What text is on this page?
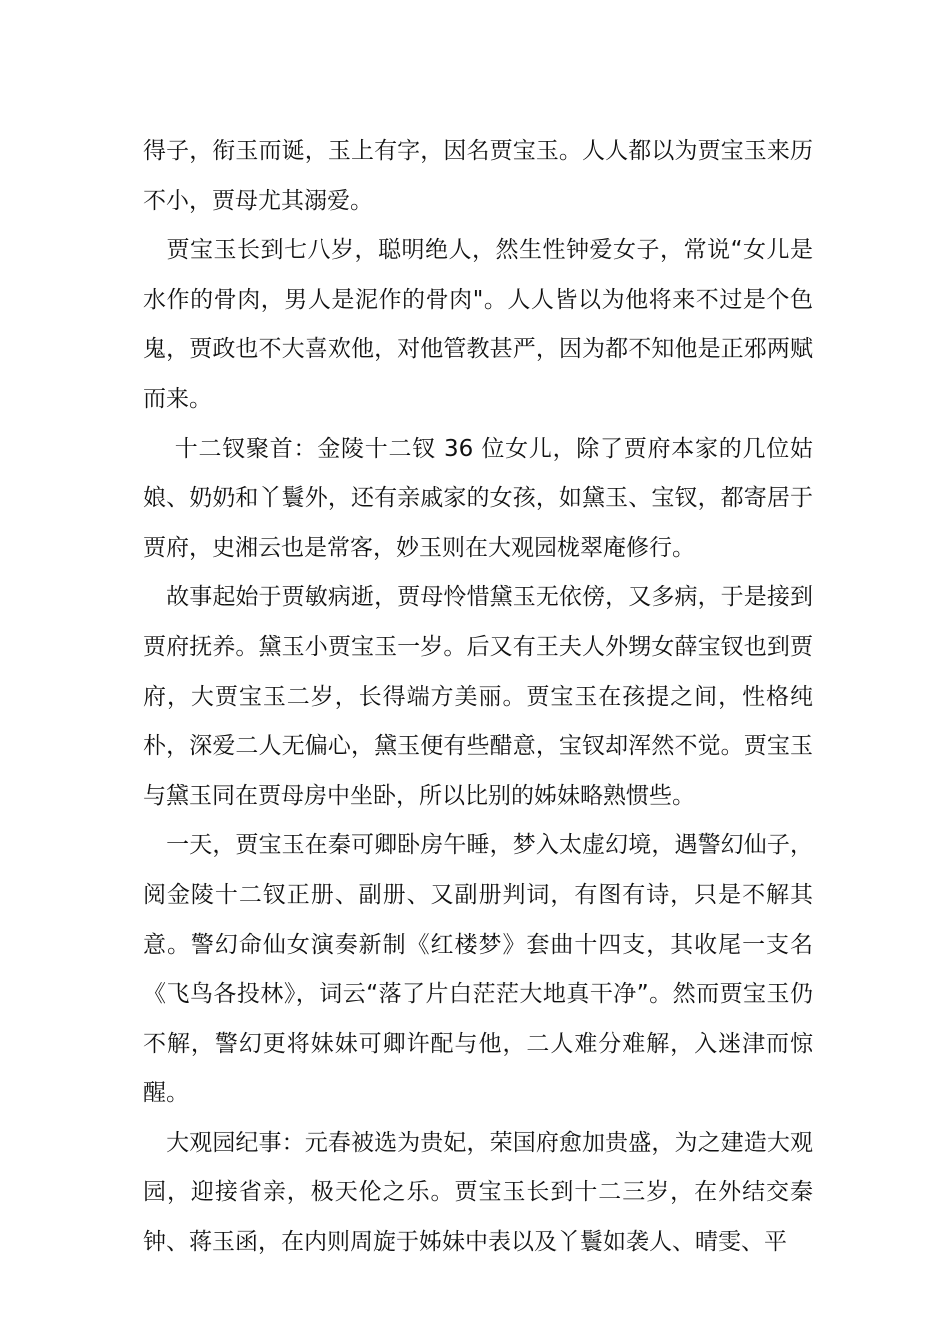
得子，衔玉而诞，玉上有字，因名贾宝玉。人人都以为贾宝玉来历不小，贾母尤其溺爱。

　贾宝玉长到七八岁，聪明绝人，然生性钟爱女子，常说“女儿是水作的骨肉，男人是泥作的骨肉"。人人皆以为他将来不过是个色鬼，贾政也不大喜欢他，对他管教甚严，因为都不知他是正邪两赋而来。

　 十二钗聚首：金陵十二钗 36 位女儿，除了贾府本家的几位姑娘、奶奶和丫鬟外，还有亲戚家的女孩，如黛玉、宝钗，都寄居于贾府，史湘云也是常客，妙玉则在大观园栊翠庵修行。

　故事起始于贾敏病逝，贾母怜惜黛玉无依傍，又多病，于是接到贾府抚养。黛玉小贾宝玉一岁。后又有王夫人外甥女薛宝钗也到贾府，大贾宝玉二岁，长得端方美丽。贾宝玉在孩提之间，性格纯朴，深爱二人无偏心，黛玉便有些醋意，宝钗却浑然不觉。贾宝玉与黛玉同在贾母房中坐卧，所以比别的姊妹略熟惯些。

　一天，贾宝玉在秦可卿卧房午睡，梦入太虚幻境，遇警幻仙子，阅金陵十二钗正册、副册、又副册判词，有图有诗，只是不解其意。警幻命仙女演奏新制《红楼梦》套曲十四支，其收尾一支名《飞鸟各投林》，词云“落了片白茫茫大地真干净”。然而贾宝玉仍不解，警幻更将妹妹可卿许配与他，二人难分难解，入迷津而惊醒。

　大观园纪事：元春被选为贵妃，荣国府愈加贵盛，为之建造大观园，迎接省亲，极天伦之乐。贾宝玉长到十二三岁，在外结交秦钟、蒋玉函，在内则周旋于姊妹中表以及丫鬟如袭人、晴雯、平
